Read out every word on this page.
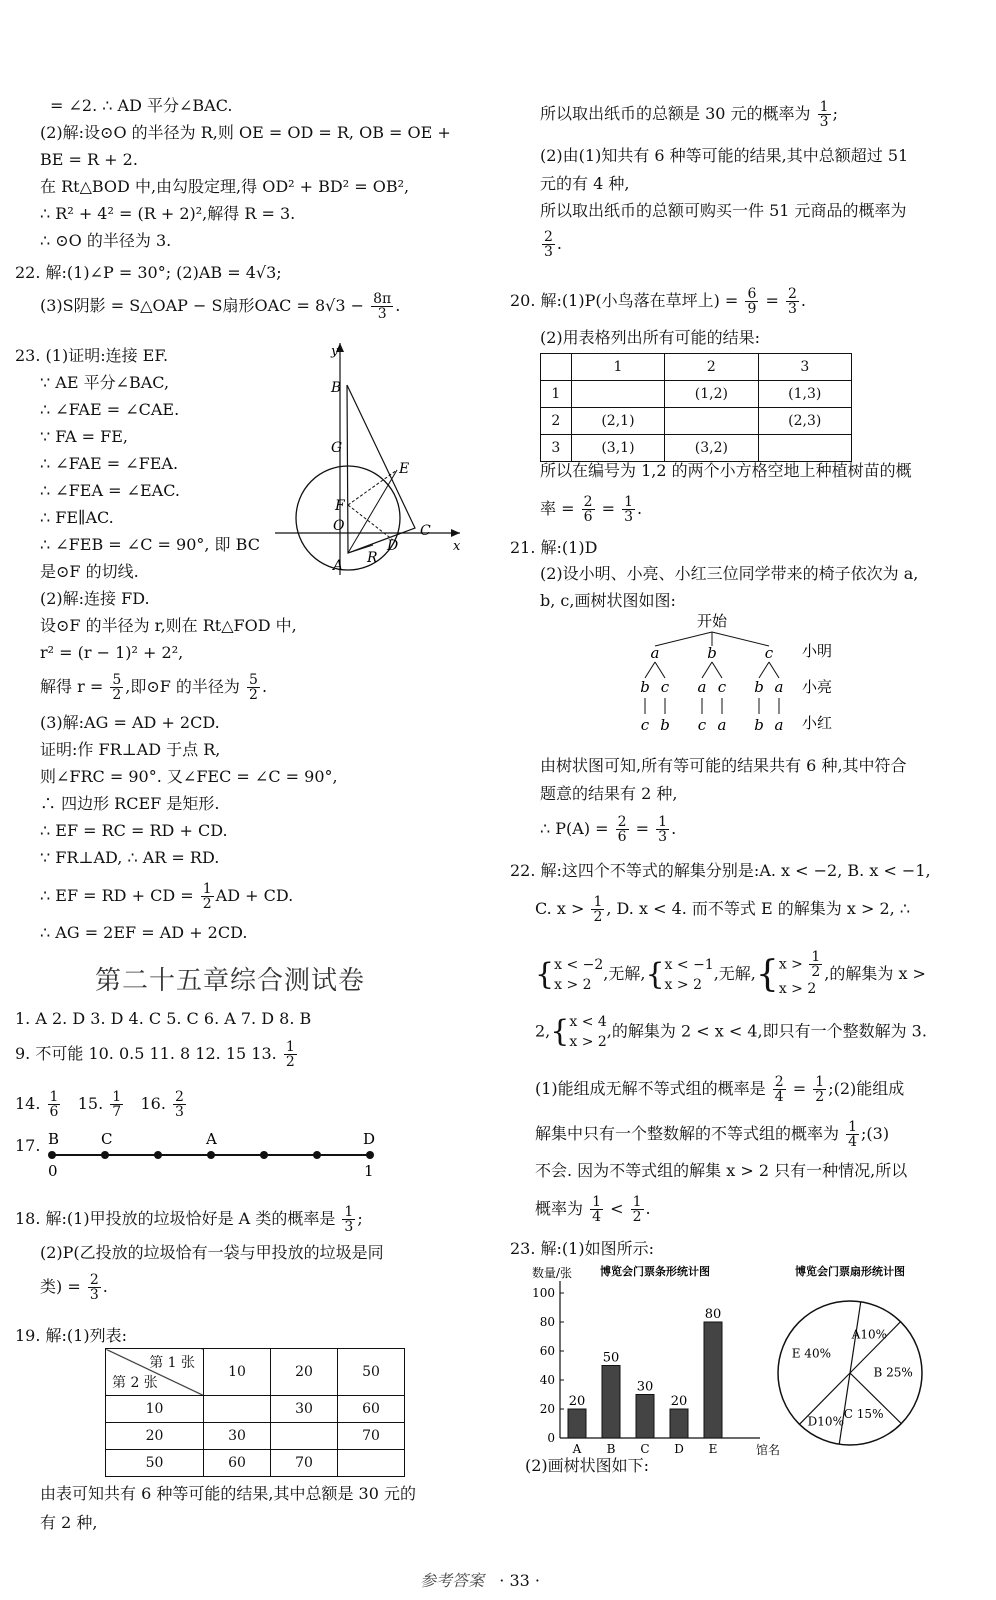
= ∠2. ∴ AD 平分∠BAC.
(2)解:设⊙O 的半径为 R,则 OE = OD = R, OB = OE +
BE = R + 2.
在 Rt△BOD 中,由勾股定理,得 OD² + BD² = OB²,
∴ R² + 4² = (R + 2)²,解得 R = 3.
∴ ⊙O 的半径为 3.
22. 解:(1)∠P = 30°; (2)AB = 4√3;
(3)S阴影 = S△OAP − S扇形OAC = $8√3 - \frac{8\pi}{3}$ .
23. (1)证明:连接 EF.
∵ AE 平分∠BAC,
∴ ∠FAE = ∠CAE.
∵ FA = FE,
∴ ∠FAE = ∠FEA.
∴ ∠FEA = ∠EAC.
∴ FE∥AC.
∴ ∠FEB = ∠C = 90°, 即 BC
是⊙F 的切线.
(2)解:连接 FD.
设⊙F 的半径为 r,则在 Rt△FOD 中,
r² = (r − 1)² + 2²,
解得 $r = \frac{5}{2}$ ,即⊙F 的半径为 $\frac{5}{2}$ .
(3)解:AG = AD + 2CD.
证明:作 FR⊥AD 于点 R,
则∠FRC = 90°. 又∠FEC = ∠C = 90°,
∴ 四边形 RCEF 是矩形.
∴ EF = RC = RD + CD.
∵ FR⊥AD, ∴ AR = RD.
∴ EF = RD + CD = $\frac{1}{2}$ AD + CD.
∴ AG = 2EF = AD + 2CD.
第二十五章综合测试卷
1. A 2. D 3. D 4. C 5. C 6. A 7. D 8. B
9. 不可能 10. 0.5 11. 8 12. 15 13. $\frac{1}{2}$
14. $\frac{1}{6} 15$. $\frac{1}{7} 16$. $\frac{2}{3}$
17. B	C	A	D
0	1
18. 解:(1)甲投放的垃圾恰好是 A 类的概率是 $\frac{1}{3}$ ;
(2)P(乙投放的垃圾恰有一袋与甲投放的垃圾是同
类) = $\frac{2}{3}$ .
19. 解:(1)列表:
第 1 张
第 2 张	10	20	50
10		30	60
20	30		70
50	60	70	
由表可知共有 6 种等可能的结果,其中总额是 30 元的
有 2 种,
y
B
G
E
F
O	C
D
R
A
x
所以取出纸币的总额是 30 元的概率为 $\frac{1}{3}$ ;
(2)由(1)知共有 6 种等可能的结果,其中总额超过 51
元的有 4 种,
所以取出纸币的总额可购买一件 51 元商品的概率为
$\frac{2}{3}$ .
20. 解:(1)P(小鸟落在草坪上) = $\frac{6}{9} = \frac{2}{3}$ .
(2)用表格列出所有可能的结果:
	1	2	3
1		(1,2)	(1,3)
2	(2,1)		(2,3)
3	(3,1)	(3,2)	
所以在编号为 1,2 的两个小方格空地上种植树苗的概
率 = $\frac{2}{6} = \frac{1}{3}$ .
21. 解:(1)D
(2)设小明、小亮、小红三位同学带来的椅子依次为 a,
b, c,画树状图如图:
开始
a	b	c
b
c
c
b
a
c
c
a
b
b
a
a
小明
小亮
小红
由树状图可知,所有等可能的结果共有 6 种,其中符合
题意的结果有 2 种,
∴ $P(A) = \frac{2}{6} = \frac{1}{3}$ .
22. 解:这四个不等式的解集分别是:A. x < −2, B. x < −1,
C. $x > \frac{1}{2}$ , D. x < 4. 而不等式 E 的解集为 x > 2, ∴
{x < −2
x > 2,无解,{x < −1
x > 2,无解$,\{x > \frac{1}{2}$

x > 2,的解集为 x >
2,{x < 4
x > 2,的解集为 2 < x < 4,即只有一个整数解为 3.
(1)能组成无解不等式组的概率是 $\frac{2}{4} = \frac{1}{2}$ ;(2)能组成
解集中只有一个整数解的不等式组的概率为 $\frac{1}{4}$ ;(3)
不会. 因为不等式组的解集 x > 2 只有一种情况,所以
概率为 $\frac{1}{4} < \frac{1}{2}$ .
23. 解:(1)如图所示:
0
20
40
60
80
100
数量/张
馆名
博览会门票条形统计图
20
A
50
B
30
C
20
D
80
E
博览会门票扇形统计图
A10%
B 25%
C 15%
D10%
E 40%
(2)画树状图如下:
参考答案 · 33 ·
